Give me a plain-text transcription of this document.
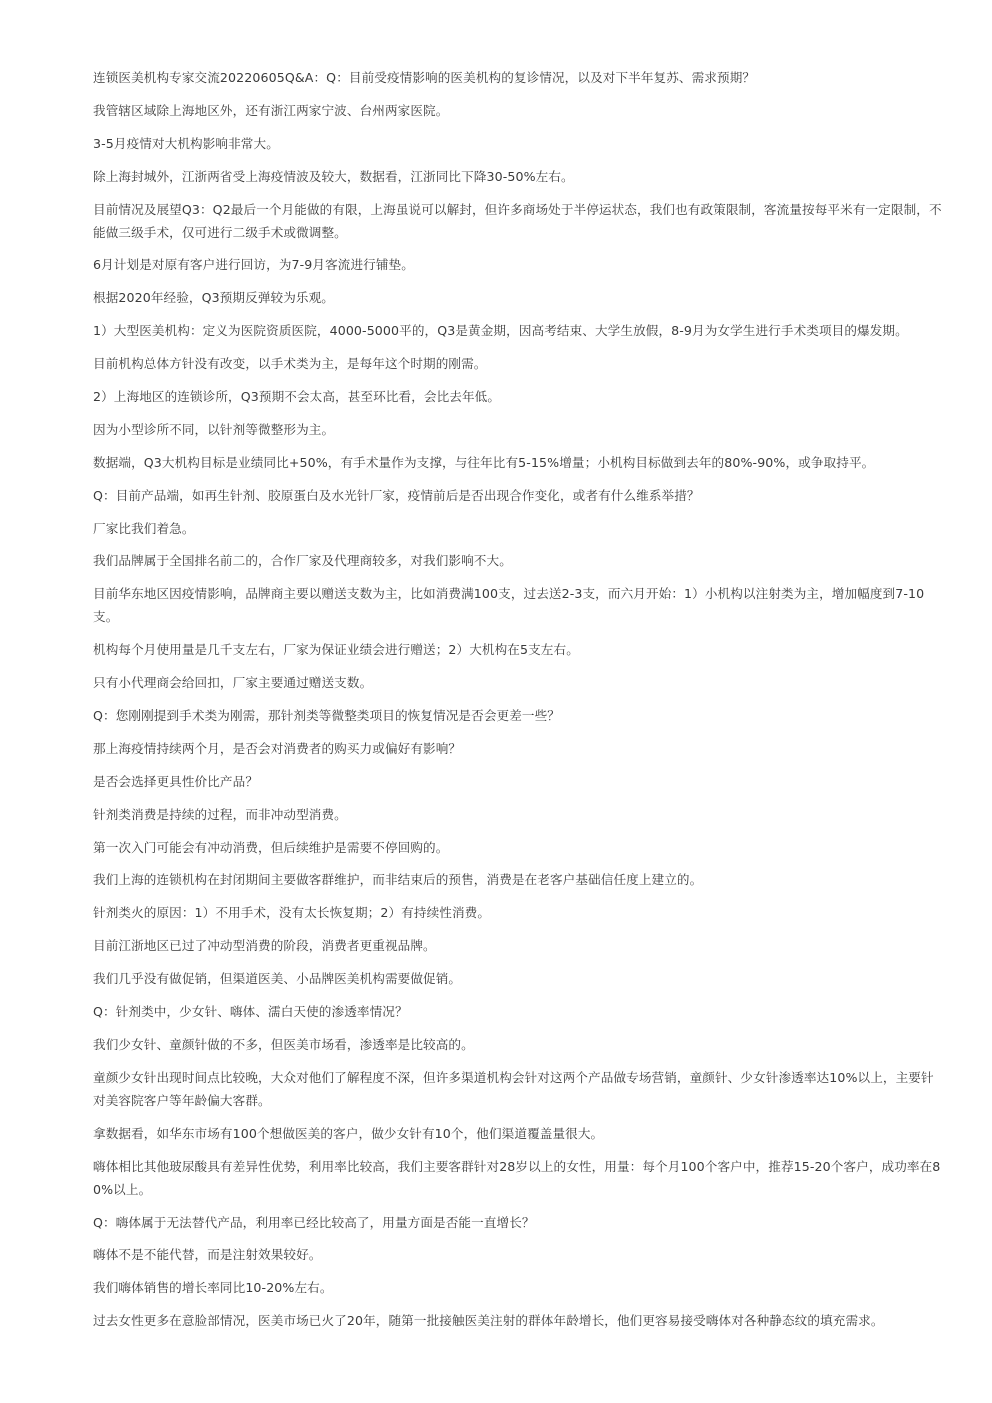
连锁医美机构专家交流20220605Q&A：Q：目前受疫情影响的医美机构的复诊情况，以及对下半年复苏、需求预期？

我管辖区域除上海地区外，还有浙江两家宁波、台州两家医院。

3-5月疫情对大机构影响非常大。

除上海封城外，江浙两省受上海疫情波及较大，数据看，江浙同比下降30-50%左右。

目前情况及展望Q3：Q2最后一个月能做的有限，上海虽说可以解封，但许多商场处于半停运状态，我们也有政策限制，客流量按每平米有一定限制，不能做三级手术，仅可进行二级手术或微调整。

6月计划是对原有客户进行回访，为7-9月客流进行铺垫。

根据2020年经验，Q3预期反弹较为乐观。

1）大型医美机构：定义为医院资质医院，4000-5000平的，Q3是黄金期，因高考结束、大学生放假，8-9月为女学生进行手术类项目的爆发期。

目前机构总体方针没有改变，以手术类为主，是每年这个时期的刚需。

2）上海地区的连锁诊所，Q3预期不会太高，甚至环比看，会比去年低。

因为小型诊所不同，以针剂等微整形为主。

数据端，Q3大机构目标是业绩同比+50%，有手术量作为支撑，与往年比有5-15%增量；小机构目标做到去年的80%-90%，或争取持平。

Q：目前产品端，如再生针剂、胶原蛋白及水光针厂家，疫情前后是否出现合作变化，或者有什么维系举措？

厂家比我们着急。

我们品牌属于全国排名前二的，合作厂家及代理商较多，对我们影响不大。

目前华东地区因疫情影响，品牌商主要以赠送支数为主，比如消费满100支，过去送2-3支，而六月开始：1）小机构以注射类为主，增加幅度到7-10支。

机构每个月使用量是几千支左右，厂家为保证业绩会进行赠送；2）大机构在5支左右。

只有小代理商会给回扣，厂家主要通过赠送支数。

Q：您刚刚提到手术类为刚需，那针剂类等微整类项目的恢复情况是否会更差一些？

那上海疫情持续两个月，是否会对消费者的购买力或偏好有影响？

是否会选择更具性价比产品？

针剂类消费是持续的过程，而非冲动型消费。

第一次入门可能会有冲动消费，但后续维护是需要不停回购的。

我们上海的连锁机构在封闭期间主要做客群维护，而非结束后的预售，消费是在老客户基础信任度上建立的。

针剂类火的原因：1）不用手术，没有太长恢复期；2）有持续性消费。

目前江浙地区已过了冲动型消费的阶段，消费者更重视品牌。

我们几乎没有做促销，但渠道医美、小品牌医美机构需要做促销。

Q：针剂类中，少女针、嗨体、濡白天使的渗透率情况？

我们少女针、童颜针做的不多，但医美市场看，渗透率是比较高的。

童颜少女针出现时间点比较晚，大众对他们了解程度不深，但许多渠道机构会针对这两个产品做专场营销，童颜针、少女针渗透率达10%以上，主要针对美容院客户等年龄偏大客群。

拿数据看，如华东市场有100个想做医美的客户，做少女针有10个，他们渠道覆盖量很大。

嗨体相比其他玻尿酸具有差异性优势，利用率比较高，我们主要客群针对28岁以上的女性，用量：每个月100个客户中，推荐15-20个客户，成功率在80%以上。

Q：嗨体属于无法替代产品，利用率已经比较高了，用量方面是否能一直增长？

嗨体不是不能代替，而是注射效果较好。

我们嗨体销售的增长率同比10-20%左右。

过去女性更多在意脸部情况，医美市场已火了20年，随第一批接触医美注射的群体年龄增长，他们更容易接受嗨体对各种静态纹的填充需求。
